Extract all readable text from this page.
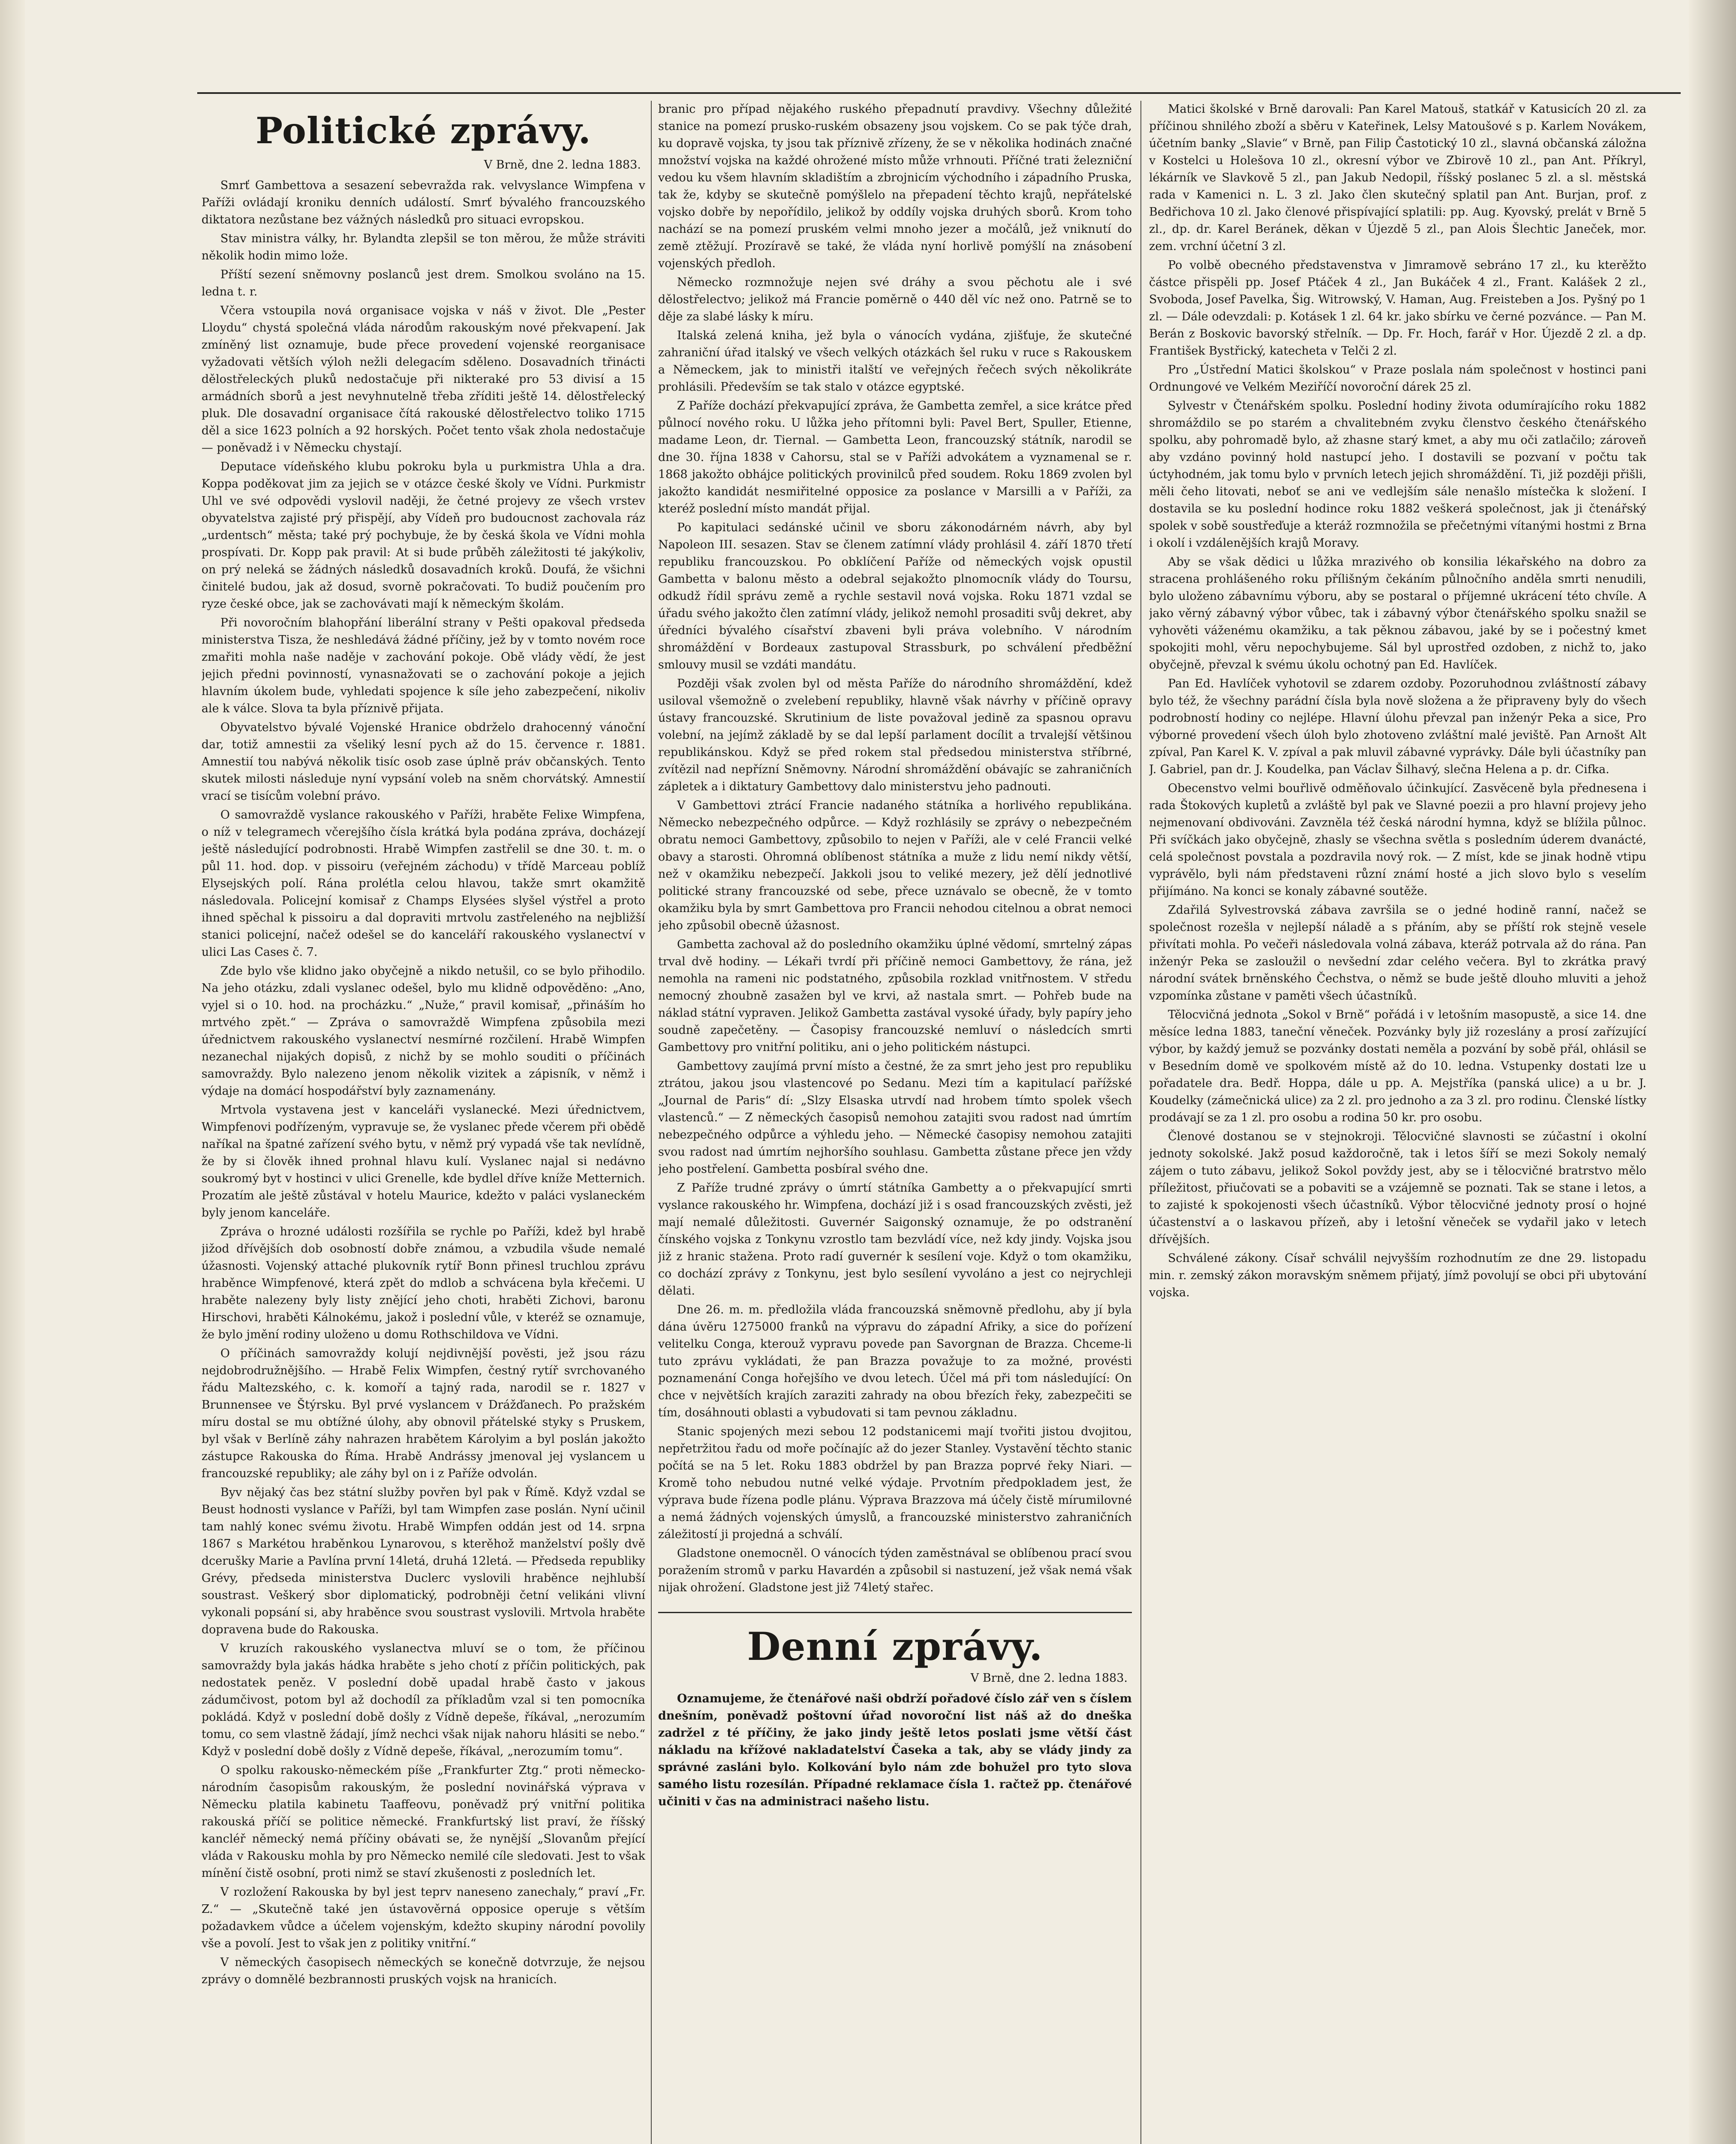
Politické zprávy.
V Brně, dne 2. ledna 1883.

Smrť Gambettova a sesazení sebevražda rak. velvyslance Wimpfena v Paříži ovládají kroniku denních událostí. Smrť bývalého francouzského diktatora nezůstane bez vážných následků pro situaci evropskou.

Stav ministra války, hr. Bylandta zlepšil se ton měrou, že může stráviti několik hodin mimo lože.

Příští sezení sněmovny poslanců jest drem. Smolkou svoláno na 15. ledna t. r.

Včera vstoupila nová organisace vojska v náš v život. Dle „Pester Lloydu“ chystá společná vláda národům rakouským nové překvapení. Jak zmíněný list oznamuje, bude přece provedení vojenské reorganisace vyžadovati větších výloh nežli delegacím sděleno. Dosavadních třinácti dělostřeleckých pluků nedostačuje při nikteraké pro 53 divisí a 15 armádních sborů a jest nevyhnutelně třeba zříditi ještě 14. dělostřelecký pluk. Dle dosavadní organisace čítá rakouské dělostřelectvo toliko 1715 děl a sice 1623 polních a 92 horských. Počet tento však zhola nedostačuje — poněvadž i v Německu chystají.

Deputace vídeňského klubu pokroku byla u purkmistra Uhla a dra. Koppa poděkovat jim za jejich se v otázce české školy ve Vídni. Purkmistr Uhl ve své odpovědi vyslovil naději, že četné projevy ze všech vrstev obyvatelstva zajisté prý přispějí, aby Vídeň pro budoucnost zachovala ráz „urdentsch“ města; také prý pochybuje, že by česká škola ve Vídni mohla prospívati. Dr. Kopp pak pravil: At si bude průběh záležitosti té jakýkoliv, on prý neleká se žádných následků dosavadních kroků. Doufá, že všichni činitelé budou, jak až dosud, svorně pokračovati. To budiž poučením pro ryze české obce, jak se zachovávati mají k německým školám.

Při novoročním blahopřání liberální strany v Pešti opakoval předseda ministerstva Tisza, že neshledává žádné příčiny, jež by v tomto novém roce zmařiti mohla naše naděje v zachování pokoje. Obě vlády vědí, že jest jejich předni povinností, vynasnažovati se o zachování pokoje a jejich hlavním úkolem bude, vyhledati spojence k síle jeho zabezpečení, nikoliv ale k válce. Slova ta byla příznivě přijata.

Obyvatelstvo bývalé Vojenské Hranice obdrželo drahocenný vánoční dar, totiž amnestii za všeliký lesní pych až do 15. července r. 1881. Amnestií tou nabývá několik tisíc osob zase úplně práv občanských. Tento skutek milosti následuje nyní vypsání voleb na sněm chorvátský. Amnestií vrací se tisícům volební právo.

O samovraždě vyslance rakouského v Paříži, hraběte Felixe Wimpfena, o níž v telegramech včerejšího čísla krátká byla podána zpráva, docházejí ještě následující podrobnosti. Hrabě Wimpfen zastřelil se dne 30. t. m. o půl 11. hod. dop. v pissoiru (veřejném záchodu) v třídě Marceau poblíž Elysejských polí. Rána prolétla celou hlavou, takže smrt okamžitě následovala. Policejní komisař z Champs Elysées slyšel výstřel a proto ihned spěchal k pissoiru a dal dopraviti mrtvolu zastřeleného na nejbližší stanici policejní, načež odešel se do kanceláří rakouského vyslanectví v ulici Las Cases č. 7.

Zde bylo vše klidno jako obyčejně a nikdo netušil, co se bylo přihodilo. Na jeho otázku, zdali vyslanec odešel, bylo mu klidně odpověděno: „Ano, vyjel si o 10. hod. na procházku.“ „Nuže,“ pravil komisař, „přináším ho mrtvého zpět.“ — Zpráva o samovraždě Wimpfena způsobila mezi úřednictvem rakouského vyslanectví nesmírné rozčilení. Hrabě Wimpfen nezanechal nijakých dopisů, z nichž by se mohlo souditi o příčinách samovraždy. Bylo nalezeno jenom několik vizitek a zápisník, v němž i výdaje na domácí hospodářství byly zaznamenány.

Mrtvola vystavena jest v kanceláři vyslanecké. Mezi úřednictvem, Wimpfenovi podřízeným, vypravuje se, že vyslanec přede včerem při obědě naříkal na špatné zařízení svého bytu, v němž prý vypadá vše tak nevlídně, že by si člověk ihned prohnal hlavu kulí. Vyslanec najal si nedávno soukromý byt v hostinci v ulici Grenelle, kde bydlel dříve kníže Metternich. Prozatím ale ještě zůstával v hotelu Maurice, kdežto v paláci vyslaneckém byly jenom kanceláře.

Zpráva o hrozné události rozšířila se rychle po Paříži, kdež byl hrabě jižod dřívějších dob osobností dobře známou, a vzbudila všude nemalé úžasnosti. Vojenský attaché plukovník rytíř Bonn přinesl truchlou zprávu hraběnce Wimpfenové, která zpět do mdlob a schvácena byla křečemi. U hraběte nalezeny byly listy znějící jeho choti, hraběti Zichovi, baronu Hirschovi, hraběti Kálnokému, jakož i poslední vůle, v kteréž se oznamuje, že bylo jmění rodiny uloženo u domu Rothschildova ve Vídni.

O příčinách samovraždy kolují nejdivnější pověsti, jež jsou rázu nejdobrodružnějšího. — Hrabě Felix Wimpfen, čestný rytíř svrchovaného řádu Maltezského, c. k. komoří a tajný rada, narodil se r. 1827 v Brunnensee ve Štýrsku. Byl prvé vyslancem v Drážďanech. Po pražském míru dostal se mu obtížné úlohy, aby obnovil přátelské styky s Pruskem, byl však v Berlíně záhy nahrazen hrabětem Károlyim a byl poslán jakožto zástupce Rakouska do Říma. Hrabě Andrássy jmenoval jej vyslancem u francouzské republiky; ale záhy byl on i z Paříže odvolán.

Byv nějaký čas bez státní služby povřen byl pak v Římě. Když vzdal se Beust hodnosti vyslance v Paříži, byl tam Wimpfen zase poslán. Nyní učinil tam nahlý konec svému životu. Hrabě Wimpfen oddán jest od 14. srpna 1867 s Markétou hraběnkou Lynarovou, s kterěhož manželství pošly dvě dcerušky Marie a Pavlína první 14letá, druhá 12letá. — Předseda republiky Grévy, předseda ministerstva Duclerc vyslovili hraběnce nejhlubší soustrast. Veškerý sbor diplomatický, podrobněji četní velikáni vlivní vykonali popsání si, aby hraběnce svou soustrast vyslovili. Mrtvola hraběte dopravena bude do Rakouska.

V kruzích rakouského vyslanectva mluví se o tom, že příčinou samovraždy byla jakás hádka hraběte s jeho chotí z příčin politických, pak nedostatek peněz. V poslední době upadal hrabě často v jakous zádumčivost, potom byl až dochodíl za příkladům vzal si ten pomocníka pokládá. Když v poslední době došly z Vídně depeše, říkával, „nerozumím tomu, co sem vlastně žádají, jímž nechci však nijak nahoru hlásiti se nebo.“ Když v poslední době došly z Vídně depeše, říkával, „nerozumím tomu“.

O spolku rakousko-německém píše „Frankfurter Ztg.“ proti německo-národním časopisům rakouským, že poslední novinářská výprava v Německu platila kabinetu Taaffeovu, poněvadž prý vnitřní politika rakouská příčí se politice německé. Frankfurtský list praví, že říšský kancléř německý nemá příčiny obávati se, že nynější „Slovanům přející vláda v Rakousku mohla by pro Německo nemilé cíle sledovati. Jest to však mínění čistě osobní, proti nimž se staví zkušenosti z posledních let.

V rozložení Rakouska by byl jest teprv naneseno zanechaly,“ praví „Fr. Z.“ — „Skutečně také jen ústavověrná opposice operuje s větším požadavkem vůdce a účelem vojenským, kdežto skupiny národní povolily vše a povolí. Jest to však jen z politiky vnitřní.“

V německých časopisech německých se konečně dotvrzuje, že nejsou zprávy o domnělé bezbrannosti pruských vojsk na hranicích.

branic pro případ nějakého ruského přepadnutí pravdivy. Všechny důležité stanice na pomezí prusko-ruském obsazeny jsou vojskem. Co se pak týče drah, ku dopravě vojska, ty jsou tak příznivě zřízeny, že se v několika hodinách značné množství vojska na každé ohrožené místo může vrhnouti. Příčné trati železniční vedou ku všem hlavním skladištím a zbrojnicím východního i západního Pruska, tak že, kdyby se skutečně pomýšlelo na přepadení těchto krajů, nepřátelské vojsko dobře by nepořídilo, jelikož by oddíly vojska druhých sborů. Krom toho nachází se na pomezí pruském velmi mnoho jezer a močálů, jež vniknutí do země ztěžují. Prozíravě se také, že vláda nyní horlivě pomýšlí na znásobení vojenských předloh.

Německo rozmnožuje nejen své dráhy a svou pěchotu ale i své dělostřelectvo; jelikož má Francie poměrně o 440 děl víc než ono. Patrně se to děje za slabé lásky k míru.

Italská zelená kniha, jež byla o vánocích vydána, zjišťuje, že skutečné zahraniční úřad italský ve všech velkých otázkách šel ruku v ruce s Rakouskem a Německem, jak to ministři italští ve veřejných řečech svých několikráte prohlásili. Především se tak stalo v otázce egyptské.

Z Paříže dochází překvapující zpráva, že Gambetta zemřel, a sice krátce před půlnocí nového roku. U lůžka jeho přítomni byli: Pavel Bert, Spuller, Etienne, madame Leon, dr. Tiernal. — Gambetta Leon, francouzský státník, narodil se dne 30. října 1838 v Cahorsu, stal se v Paříži advokátem a vyznamenal se r. 1868 jakožto obhájce politických provinilců před soudem. Roku 1869 zvolen byl jakožto kandidát nesmiřitelné opposice za poslance v Marsilli a v Paříži, za kteréž poslední místo mandát přijal.

Po kapitulaci sedánské učinil ve sboru zákonodárném návrh, aby byl Napoleon III. sesazen. Stav se členem zatímní vlády prohlásil 4. září 1870 třetí republiku francouzskou. Po obklíčení Paříže od německých vojsk opustil Gambetta v balonu město a odebral sejakožto plnomocník vlády do Toursu, odkudž řídil správu země a rychle sestavil nová vojska. Roku 1871 vzdal se úřadu svého jakožto člen zatímní vlády, jelikož nemohl prosaditi svůj dekret, aby úředníci bývalého císařství zbaveni byli práva volebního. V národním shromáždění v Bordeaux zastupoval Strassburk, po schválení předběžní smlouvy musil se vzdáti mandátu.

Později však zvolen byl od města Paříže do národního shromáždění, kdež usiloval všemožně o zvelebení republiky, hlavně však návrhy v příčině opravy ústavy francouzské. Skrutinium de liste považoval jedině za spasnou opravu volební, na jejímž základě by se dal lepší parlament docílit a trvalejší většinou republikánskou. Když se před rokem stal předsedou ministerstva stříbrné, zvítězil nad nepřízní Sněmovny. Národní shromáždění obávajíc se zahraničních zápletek a i diktatury Gambettovy dalo ministerstvu jeho padnouti.

V Gambettovi ztrácí Francie nadaného státníka a horlivého republikána. Německo nebezpečného odpůrce. — Když rozhlásily se zprávy o nebezpečném obratu nemoci Gambettovy, způsobilo to nejen v Paříži, ale v celé Francii velké obavy a starosti. Ohromná oblíbenost státníka a muže z lidu nemí nikdy větší, než v okamžiku nebezpečí. Jakkoli jsou to veliké mezery, jež dělí jednotlivé politické strany francouzské od sebe, přece uznávalo se obecně, že v tomto okamžiku byla by smrt Gambettova pro Francii nehodou citelnou a obrat nemoci jeho způsobil obecně úžasnost.

Gambetta zachoval až do posledního okamžiku úplné vědomí, smrtelný zápas trval dvě hodiny. — Lékaři tvrdí při příčině nemoci Gambettovy, že rána, jež nemohla na rameni nic podstatného, způsobila rozklad vnitřnostem. V středu nemocný zhoubně zasažen byl ve krvi, až nastala smrt. — Pohřeb bude na náklad státní vypraven. Jelikož Gambetta zastával vysoké úřady, byly papíry jeho soudně zapečetěny. — Časopisy francouzské nemluví o následcích smrti Gambettovy pro vnitřní politiku, ani o jeho politickém nástupci.

Gambettovy zaujímá první místo a čestné, že za smrt jeho jest pro republiku ztrátou, jakou jsou vlastencové po Sedanu. Mezi tím a kapitulací pařížské „Journal de Paris“ dí: „Slzy Elsaska utrvdí nad hrobem tímto spolek všech vlastenců.“ — Z německých časopisů nemohou zatajiti svou radost nad úmrtím nebezpečného odpůrce a výhledu jeho. — Německé časopisy nemohou zatajiti svou radost nad úmrtím nejhoršího souhlasu. Gambetta zůstane přece jen vždy jeho postřelení. Gambetta posbíral svého dne.

Z Paříže trudné zprávy o úmrtí státníka Gambetty a o překvapující smrti vyslance rakouského hr. Wimpfena, dochází již i s osad francouzských zvěsti, jež mají nemalé důležitosti. Guvernér Saigonský oznamuje, že po odstranění čínského vojska z Tonkynu vzrostlo tam bezvládí více, než kdy jindy. Vojska jsou již z hranic stažena. Proto radí guvernér k sesílení voje. Když o tom okamžiku, co dochází zprávy z Tonkynu, jest bylo sesílení vyvoláno a jest co nejrychleji dělati.

Dne 26. m. m. předložila vláda francouzská sněmovně předlohu, aby jí byla dána úvěru 1275000 franků na výpravu do západní Afriky, a sice do pořízení velitelku Conga, kterouž vypravu povede pan Savorgnan de Brazza. Chceme-li tuto zprávu vykládati, že pan Brazza považuje to za možné, provésti poznamenání Conga hořejšího ve dvou letech. Účel má při tom následující: On chce v největších krajích zaraziti zahrady na obou březích řeky, zabezpečiti se tím, dosáhnouti oblasti a vybudovati si tam pevnou základnu.

Stanic spojených mezi sebou 12 podstanicemi mají tvořiti jistou dvojitou, nepřetržitou řadu od moře počínajíc až do jezer Stanley. Vystavění těchto stanic počítá se na 5 let. Roku 1883 obdržel by pan Brazza poprvé řeky Niari. — Kromě toho nebudou nutné velké výdaje. Prvotním předpokladem jest, že výprava bude řízena podle plánu. Výprava Brazzova má účely čistě mírumilovné a nemá žádných vojenských úmyslů, a francouzské ministerstvo zahraničních záležitostí ji projedná a schválí.

Gladstone onemocněl. O vánocích týden zaměstnával se oblíbenou prací svou poražením stromů v parku Havardén a způsobil si nastuzení, jež však nemá však nijak ohrožení. Gladstone jest již 74letý stařec.

Denní zprávy.
V Brně, dne 2. ledna 1883.

Oznamujeme, že čtenářové naši obdrží pořadové číslo zář ven s číslem dnešním, poněvadž poštovní úřad novoroční list náš až do dneška zadržel z té příčiny, že jako jindy ještě letos poslati jsme větší část nákladu na křížové nakladatelství Časeka a tak, aby se vlády jindy za správné zasláni bylo. Kolkování bylo nám zde bohužel pro tyto slova samého listu rozesílán. Případné reklamace čísla 1. račtež pp. čtenářové učiniti v čas na administraci našeho listu.

Matici školské v Brně darovali: Pan Karel Matouš, statkář v Katusicích 20 zl. za příčinou shnilého zboží a sběru v Kateřinek, Lelsy Matoušové s p. Karlem Novákem, účetním banky „Slavie“ v Brně, pan Filip Častotický 10 zl., slavná občanská záložna v Kostelci u Holešova 10 zl., okresní výbor ve Zbirově 10 zl., pan Ant. Příkryl, lékárník ve Slavkově 5 zl., pan Jakub Nedopil, říšský poslanec 5 zl. a sl. městská rada v Kamenici n. L. 3 zl. Jako člen skutečný splatil pan Ant. Burjan, prof. z Bedřichova 10 zl. Jako členové přispívající splatili: pp. Aug. Kyovský, prelát v Brně 5 zl., dp. dr. Karel Beránek, děkan v Újezdě 5 zl., pan Alois Šlechtic Janeček, mor. zem. vrchní účetní 3 zl.

Po volbě obecného představenstva v Jimramově sebráno 17 zl., ku kterěžto částce přispěli pp. Josef Ptáček 4 zl., Jan Bukáček 4 zl., Frant. Kalášek 2 zl., Svoboda, Josef Pavelka, Šig. Witrowský, V. Haman, Aug. Freisteben a Jos. Pyšný po 1 zl. — Dále odevzdali: p. Kotásek 1 zl. 64 kr. jako sbírku ve černé pozvánce. — Pan M. Berán z Boskovic bavorský střelník. — Dp. Fr. Hoch, farář v Hor. Újezdě 2 zl. a dp. František Bystřický, katecheta v Telči 2 zl.

Pro „Ústřední Matici školskou“ v Praze poslala nám společnost v hostinci pani Ordnungové ve Velkém Meziříčí novoroční dárek 25 zl.

Sylvestr v Čtenářském spolku. Poslední hodiny života odumírajícího roku 1882 shromáždilo se po starém a chvalitebném zvyku členstvo českého čtenářského spolku, aby pohromadě bylo, až zhasne starý kmet, a aby mu oči zatlačilo; zároveň aby vzdáno povinný hold nastupcí jeho. I dostavili se pozvaní v počtu tak úctyhodném, jak tomu bylo v prvních letech jejich shromáždění. Ti, již později přišli, měli čeho litovati, neboť se ani ve vedlejším sále nenašlo místečka k složení. I dostavila se ku poslední hodince roku 1882 veškerá společnost, jak ji čtenářský spolek v sobě soustřeďuje a kteráž rozmnožila se přečetnými vítanými hostmi z Brna i okolí i vzdálenějších krajů Moravy.

Aby se však dědici u lůžka mrazivého ob konsilia lékařského na dobro za stracena prohlášeného roku přílišným čekáním půlnočního anděla smrti nenudili, bylo uloženo zábavnímu výboru, aby se postaral o příjemné ukrácení této chvíle. A jako věrný zábavný výbor vůbec, tak i zábavný výbor čtenářského spolku snažil se vyhověti váženému okamžiku, a tak pěknou zábavou, jaké by se i počestný kmet spokojiti mohl, věru nepochybujeme. Sál byl uprostřed ozdoben, z nichž to, jako obyčejně, převzal k svému úkolu ochotný pan Ed. Havlíček.

Pan Ed. Havlíček vyhotovil se zdarem ozdoby. Pozoruhodnou zvláštností zábavy bylo též, že všechny parádní čísla byla nově složena a že připraveny byly do všech podrobností hodiny co nejlépe. Hlavní úlohu převzal pan inženýr Peka a sice, Pro výborné provedení všech úloh bylo zhotoveno zvláštní malé jeviště. Pan Arnošt Alt zpíval, Pan Karel K. V. zpíval a pak mluvil zábavné vyprávky. Dále byli účastníky pan J. Gabriel, pan dr. J. Koudelka, pan Václav Šilhavý, slečna Helena a p. dr. Cifka.

Obecenstvo velmi bouřlivě odměňovalo účinkující. Zasvěceně byla přednesena i rada Štokových kupletů a zvláště byl pak ve Slavné poezii a pro hlavní projevy jeho nejmenovaní obdivováni. Zavzněla též česká národní hymna, když se blížila půlnoc. Při svíčkách jako obyčejně, zhasly se všechna světla s posledním úderem dvanácté, celá společnost povstala a pozdravila nový rok. — Z míst, kde se jinak hodně vtipu vyprávělo, byli nám představeni různí známí hosté a jich slovo bylo s veselím přijímáno. Na konci se konaly zábavné soutěže.

Zdařilá Sylvestrovská zábava završila se o jedné hodině ranní, načež se společnost rozešla v nejlepší náladě a s přáním, aby se příští rok stejně vesele přivítati mohla. Po večeři následovala volná zábava, kteráž potrvala až do rána. Pan inženýr Peka se zasloužil o nevšední zdar celého večera. Byl to zkrátka pravý národní svátek brněnského Čechstva, o němž se bude ještě dlouho mluviti a jehož vzpomínka zůstane v paměti všech účastníků.

Tělocvičná jednota „Sokol v Brně“ pořádá i v letošním masopustě, a sice 14. dne měsíce ledna 1883, taneční věneček. Pozvánky byly již rozeslány a prosí zařízující výbor, by každý jemuž se pozvánky dostati neměla a pozvání by sobě přál, ohlásil se v Besedním domě ve spolkovém místě až do 10. ledna. Vstupenky dostati lze u pořadatele dra. Bedř. Hoppa, dále u pp. A. Mejstříka (panská ulice) a u br. J. Koudelky (zámečnická ulice) za 2 zl. pro jednoho a za 3 zl. pro rodinu. Členské lístky prodávají se za 1 zl. pro osobu a rodina 50 kr. pro osobu.

Členové dostanou se v stejnokroji. Tělocvičné slavnosti se zúčastní i okolní jednoty sokolské. Jakž posud každoročně, tak i letos šíří se mezi Sokoly nemalý zájem o tuto zábavu, jelikož Sokol povždy jest, aby se i tělocvičné bratrstvo mělo příležitost, přiučovati se a pobaviti se a vzájemně se poznati. Tak se stane i letos, a to zajisté k spokojenosti všech účastníků. Výbor tělocvičné jednoty prosí o hojné účastenství a o laskavou přízeň, aby i letošní věneček se vydařil jako v letech dřívějších.

Schválené zákony. Císař schválil nejvyšším rozhodnutím ze dne 29. listopadu min. r. zemský zákon moravským sněmem přijatý, jímž povolují se obci při ubytování vojska.
